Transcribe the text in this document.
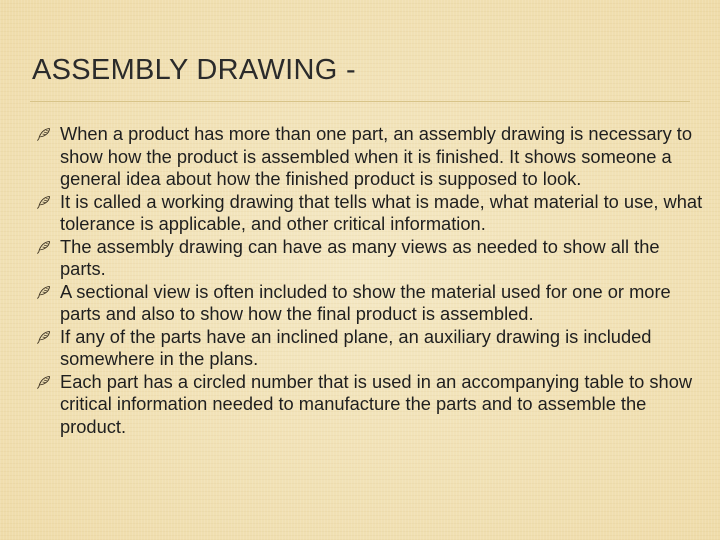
ASSEMBLY DRAWING -
When a product has more than one part, an assembly drawing is necessary to show how the product is assembled when it is finished. It shows someone a general idea about how the finished product is supposed to look.
It is called a working drawing that tells what is made, what material to use, what tolerance is applicable, and other critical information.
The assembly drawing can have as many views as needed to show all the parts.
A sectional view is often included to show the material used for one or more parts and also to show how the final product is assembled.
If any of the parts have an inclined plane, an auxiliary drawing is included somewhere in the plans.
Each part has a circled number that is used in an accompanying table to show critical information needed to manufacture the parts and to assemble the product.
